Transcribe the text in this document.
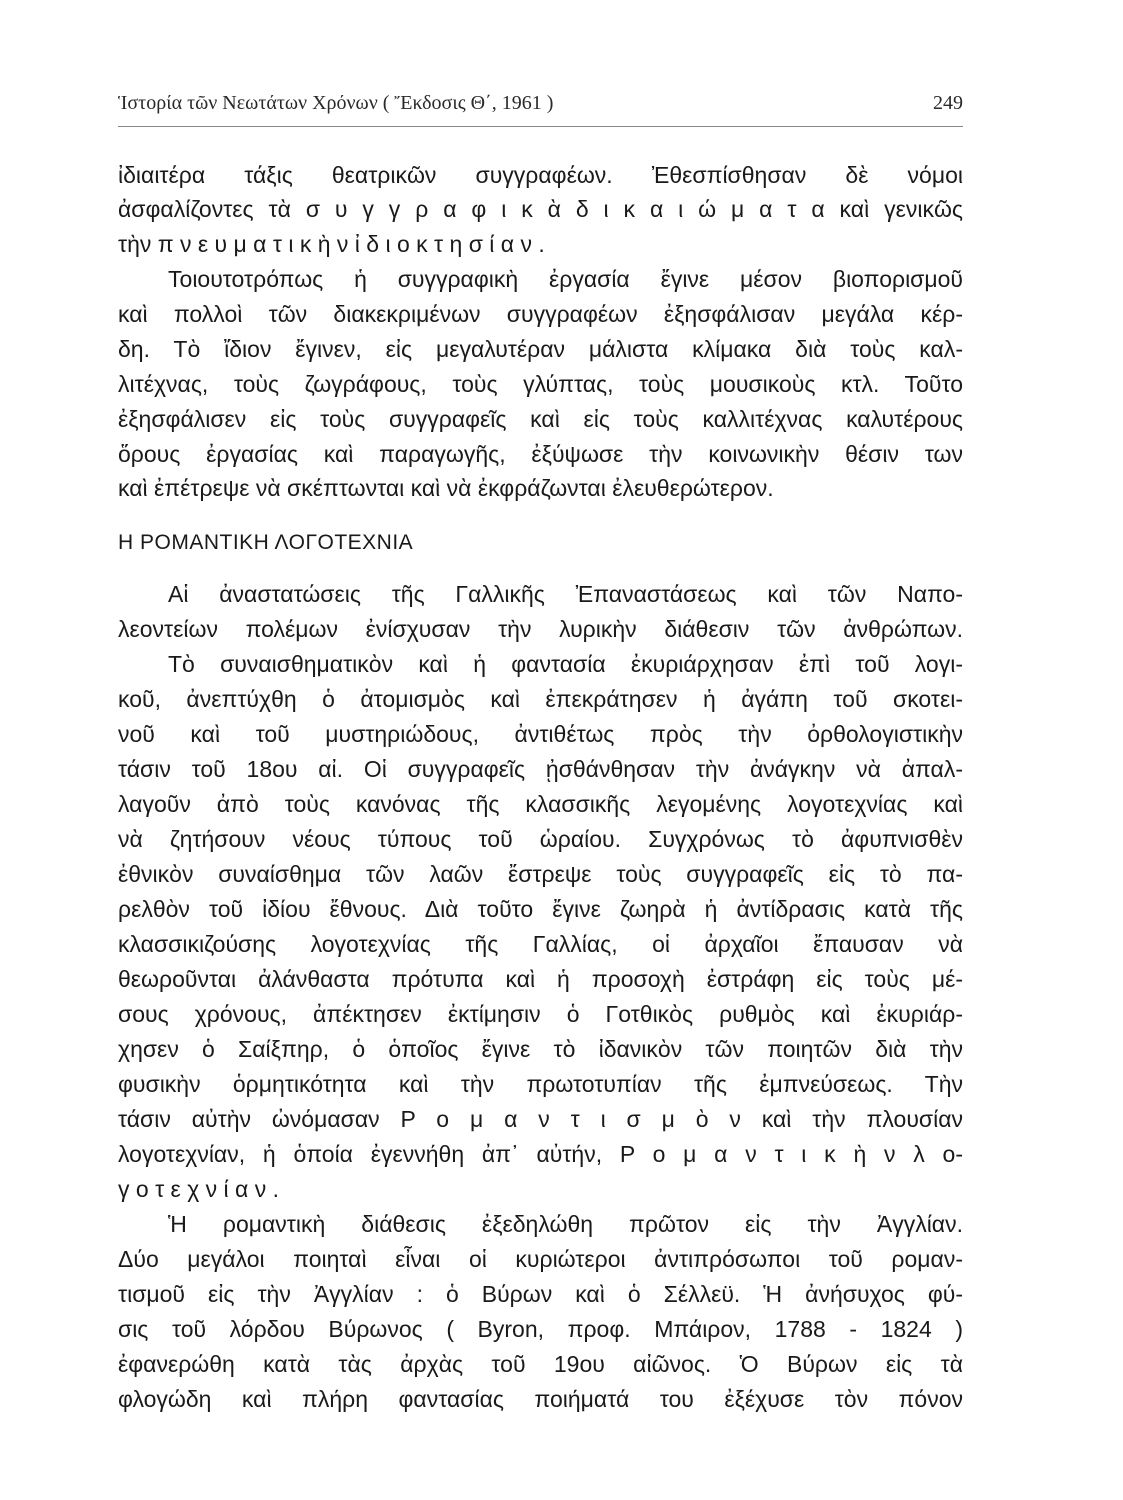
Ἱστορία τῶν Νεωτάτων Χρόνων ( Ἔκδοσις Θ΄, 1961 )	249
ἰδιαιτέρα τάξις θεατρικῶν συγγραφέων. Ἐθεσπίσθησαν δὲ νόμοι
ἀσφαλίζοντες τὰ σ υ γ γ ρ α φ ι κ ὰ δ ι κ α ι ώ μ α τ α καὶ γενικῶς
τὴν π ν ε υ μ α τ ι κ ὴ ν ἰ δ ι ο κ τ η σ ί α ν .
Τοιουτοτρόπως ἡ συγγραφικὴ ἐργασία ἔγινε μέσον βιοπορισμοῦ
καὶ πολλοὶ τῶν διακεκριμένων συγγραφέων ἐξησφάλισαν μεγάλα κέρ-
δη. Τὸ ἴδιον ἔγινεν, εἰς μεγαλυτέραν μάλιστα κλίμακα διὰ τοὺς καλ-
λιτέχνας, τοὺς ζωγράφους, τοὺς γλύπτας, τοὺς μουσικοὺς κτλ. Τοῦτο
ἐξησφάλισεν εἰς τοὺς συγγραφεῖς καὶ εἰς τοὺς καλλιτέχνας καλυτέρους
ὅρους ἐργασίας καὶ παραγωγῆς, ἐξύψωσε τὴν κοινωνικὴν θέσιν των
καὶ ἐπέτρεψε νὰ σκέπτωνται καὶ νὰ ἐκφράζωνται ἐλευθερώτερον.
Η ΡΟΜΑΝΤΙΚΗ ΛΟΓΟΤΕΧΝΙΑ
Αἱ ἀναστατώσεις τῆς Γαλλικῆς Ἐπαναστάσεως καὶ τῶν Ναπο-
λεοντείων πολέμων ἐνίσχυσαν τὴν λυρικὴν διάθεσιν τῶν ἀνθρώπων.
Τὸ συναισθηματικὸν καὶ ἡ φαντασία ἐκυριάρχησαν ἐπὶ τοῦ λογι-
κοῦ, ἀνεπτύχθη ὁ ἀτομισμὸς καὶ ἐπεκράτησεν ἡ ἀγάπη τοῦ σκοτει-
νοῦ καὶ τοῦ μυστηριώδους, ἀντιθέτως πρὸς τὴν ὀρθολογιστικὴν
τάσιν τοῦ 18ου αἰ. Οἱ συγγραφεῖς ᾐσθάνθησαν τὴν ἀνάγκην νὰ ἀπαλ-
λαγοῦν ἀπὸ τοὺς κανόνας τῆς κλασσικῆς λεγομένης λογοτεχνίας καὶ
νὰ ζητήσουν νέους τύπους τοῦ ὡραίου. Συγχρόνως τὸ ἀφυπνισθὲν
ἐθνικὸν συναίσθημα τῶν λαῶν ἔστρεψε τοὺς συγγραφεῖς εἰς τὸ πα-
ρελθὸν τοῦ ἰδίου ἔθνους. Διὰ τοῦτο ἔγινε ζωηρὰ ἡ ἀντίδρασις κατὰ τῆς
κλασσικιζούσης λογοτεχνίας τῆς Γαλλίας, οἱ ἀρχαῖοι ἔπαυσαν νὰ
θεωροῦνται ἀλάνθαστα πρότυπα καὶ ἡ προσοχὴ ἐστράφη εἰς τοὺς μέ-
σους χρόνους, ἀπέκτησεν ἐκτίμησιν ὁ Γοτθικὸς ρυθμὸς καὶ ἐκυριάρ-
χησεν ὁ Σαίξπηρ, ὁ ὁποῖος ἔγινε τὸ ἰδανικὸν τῶν ποιητῶν διὰ τὴν
φυσικὴν ὁρμητικότητα καὶ τὴν πρωτοτυπίαν τῆς ἐμπνεύσεως. Τὴν
τάσιν αὐτὴν ὠνόμασαν Ρ ο μ α ν τ ι σ μ ὸ ν καὶ τὴν πλουσίαν
λογοτεχνίαν, ἡ ὁποία ἐγεννήθη ἀπ᾿ αὐτήν, Ρ ο μ α ν τ ι κ ὴ ν λ ο-
γ ο τ ε χ ν ί α ν .
Ἡ ρομαντικὴ διάθεσις ἐξεδηλώθη πρῶτον εἰς τὴν Ἀγγλίαν.
Δύο μεγάλοι ποιηταὶ εἶναι οἱ κυριώτεροι ἀντιπρόσωποι τοῦ ρομαν-
τισμοῦ εἰς τὴν Ἀγγλίαν : ὁ Βύρων καὶ ὁ Σέλλεϋ. Ἡ ἀνήσυχος φύ-
σις τοῦ λόρδου Βύρωνος ( Byron, προφ. Μπάιρον, 1788 - 1824 )
ἐφανερώθη κατὰ τὰς ἀρχὰς τοῦ 19ου αἰῶνος. Ὁ Βύρων εἰς τὰ
φλογώδη καὶ πλήρη φαντασίας ποιήματά του ἐξέχυσε τὸν πόνον
